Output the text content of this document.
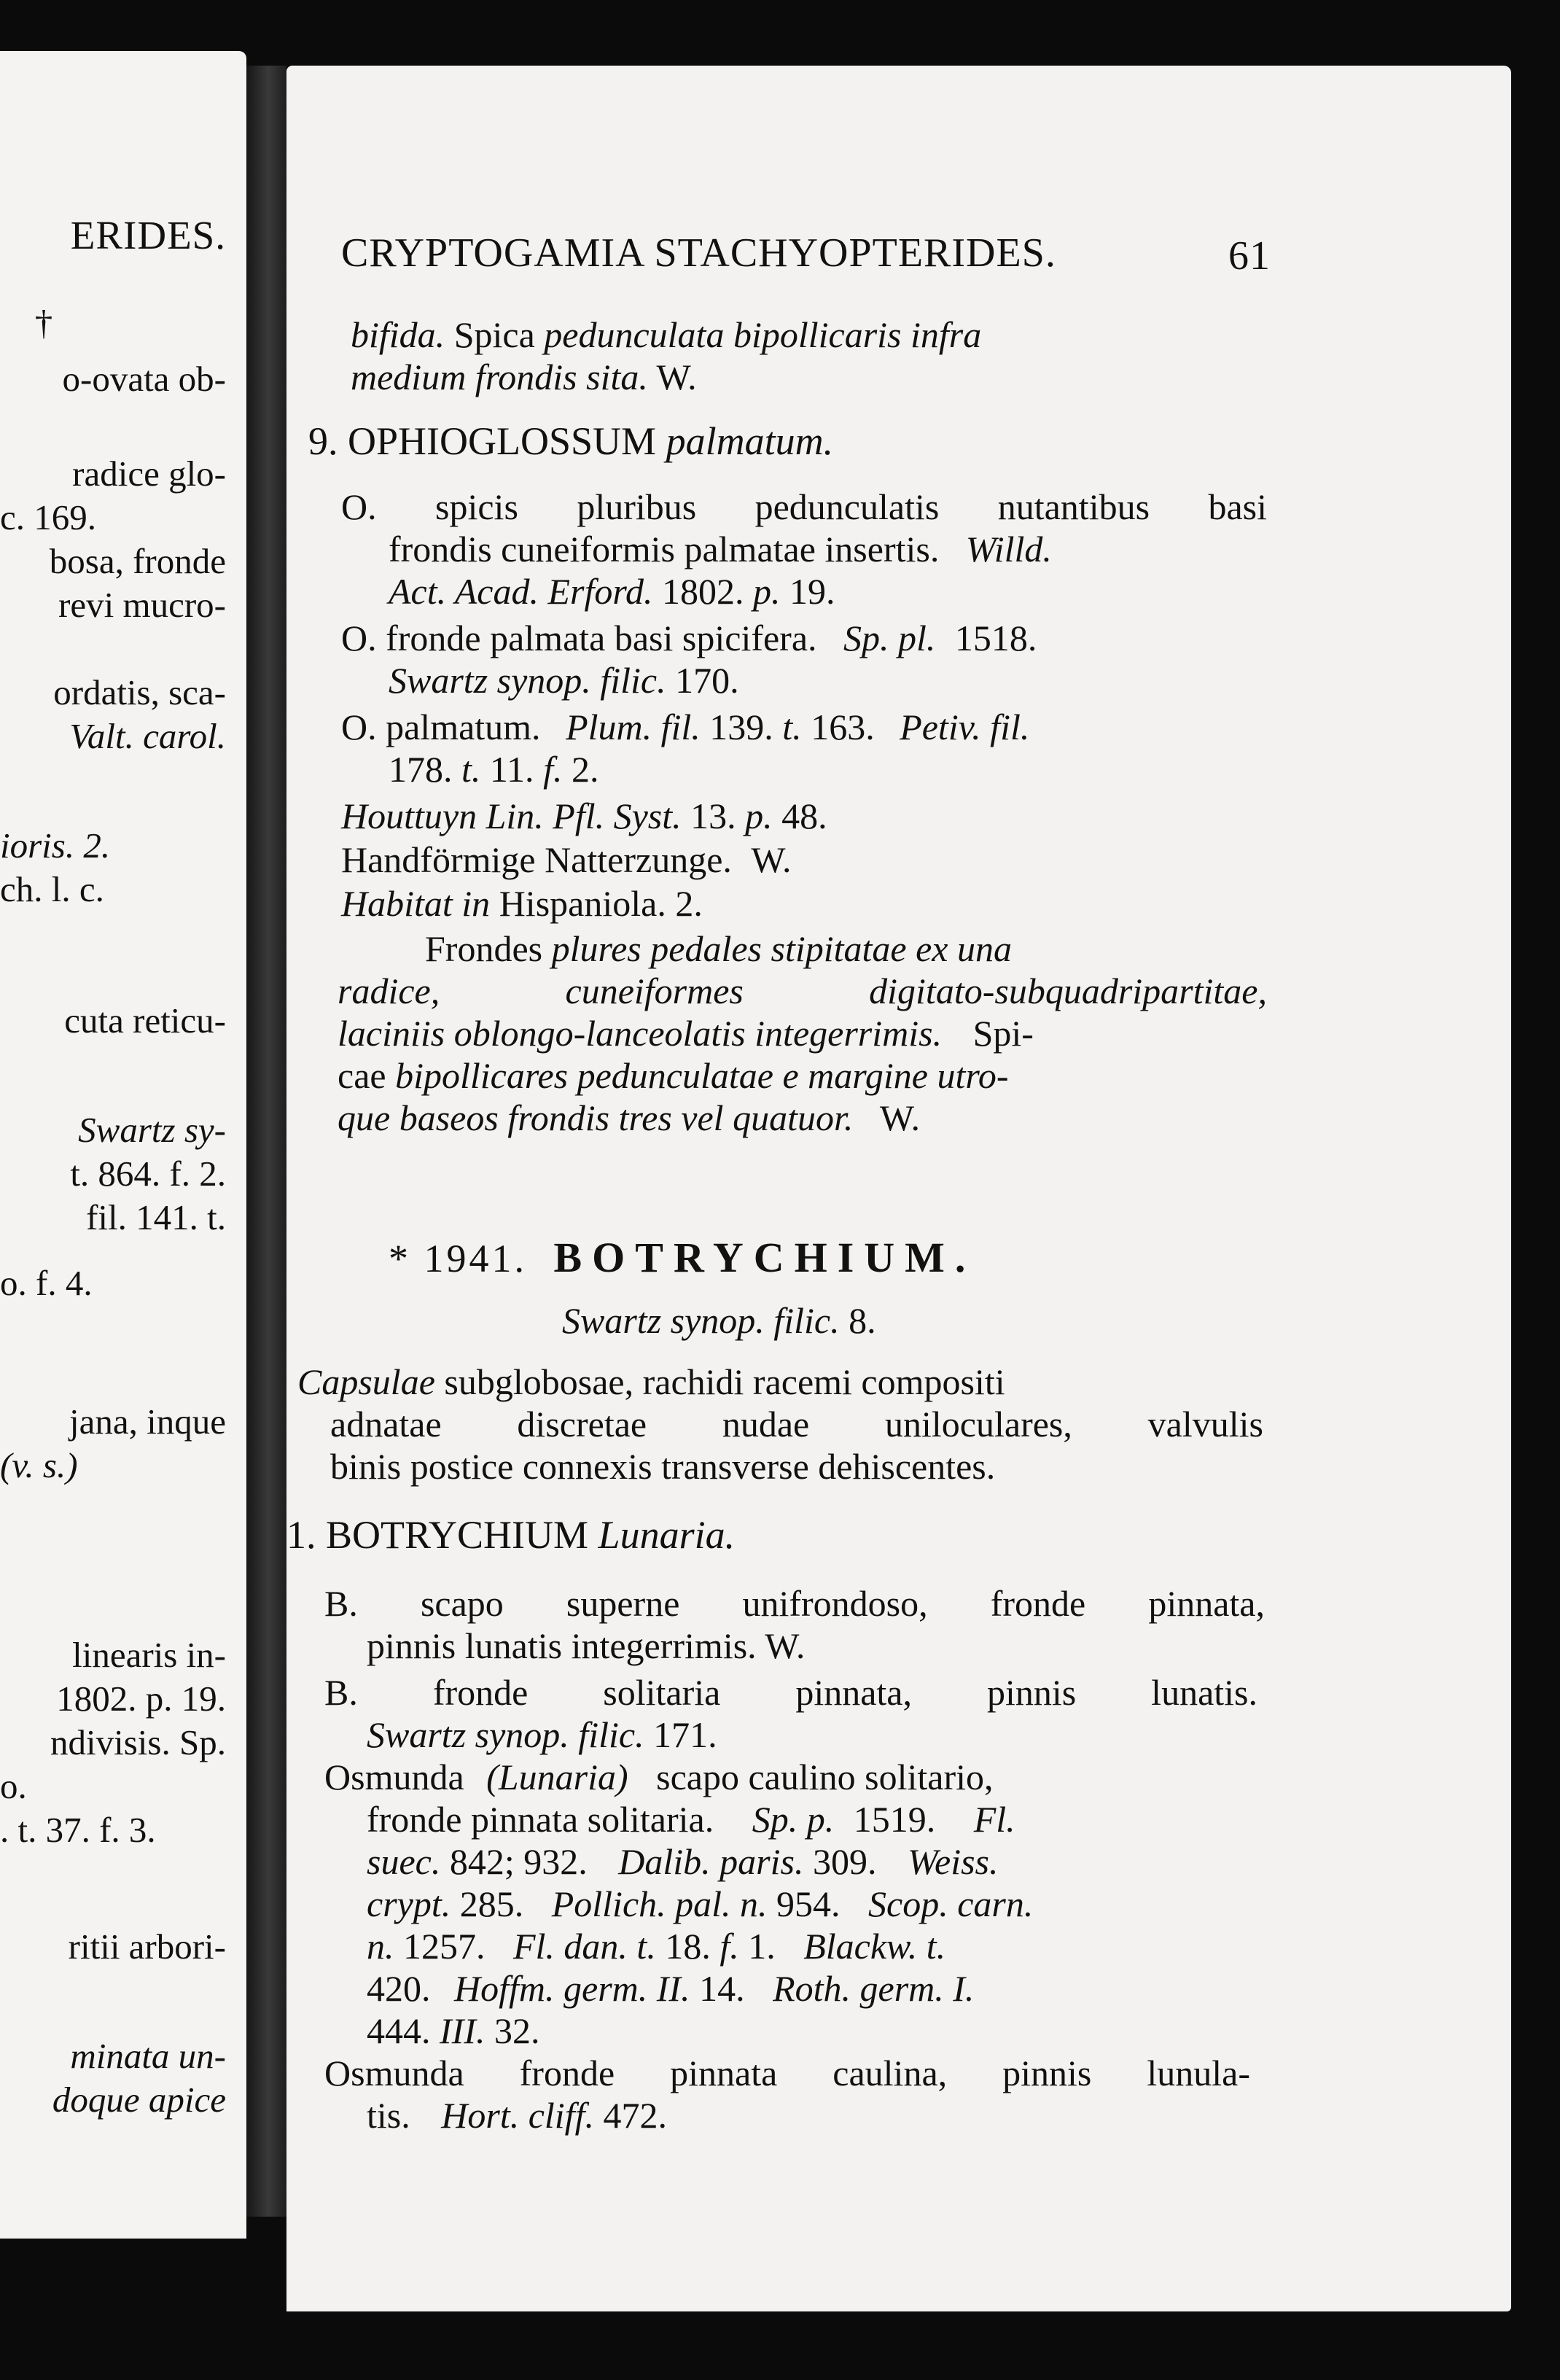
ERIDES.
†
o-ovata ob-
radice glo-
c. 169.
bosa, fronde
revi mucro-
ordatis, sca-
Valt. carol.
ioris. 2.
ch. l. c.
cuta reticu-
Swartz sy-
t. 864. f. 2.
fil. 141. t.
o. f. 4.
jana, inque
(v. s.)
linearis in-
1802. p. 19.
ndivisis. Sp.
o.
. t. 37. f. 3.
ritii arbori-
minata un-
doque apice
CRYPTOGAMIA STACHYOPTERIDES.	61
bifida. Spica pedunculata bipollicaris infra
medium frondis sita. W.
9. OPHIOGLOSSUM palmatum.
O. spicis pluribus pedunculatis nutantibus basi
frondis cuneiformis palmatae insertis. Willd.
Act. Acad. Erford. 1802. p. 19.
O. fronde palmata basi spicifera. Sp. pl. 1518.
Swartz synop. filic. 170.
O. palmatum. Plum. fil. 139. t. 163. Petiv. fil.
178. t. 11. f. 2.
Houttuyn Lin. Pfl. Syst. 13. p. 48.
Handförmige Natterzunge. W.
Habitat in Hispaniola. 2.
Frondes plures pedales stipitatae ex una
radice, cuneiformes digitato-subquadripartitae,
laciniis oblongo-lanceolatis integerrimis. Spi-
cae bipollicares pedunculatae e margine utro-
que baseos frondis tres vel quatuor. W.
* 1941. BOTRYCHIUM.
Swartz synop. filic. 8.
Capsulae subglobosae, rachidi racemi compositi
adnatae discretae nudae uniloculares, valvulis
binis postice connexis transverse dehiscentes.
1. BOTRYCHIUM Lunaria.
B. scapo superne unifrondoso, fronde pinnata,
pinnis lunatis integerrimis. W.
B. fronde solitaria pinnata, pinnis lunatis.
Swartz synop. filic. 171.
Osmunda (Lunaria) scapo caulino solitario,
fronde pinnata solitaria. Sp. p. 1519. Fl.
suec. 842; 932. Dalib. paris. 309. Weiss.
crypt. 285. Pollich. pal. n. 954. Scop. carn.
n. 1257. Fl. dan. t. 18. f. 1. Blackw. t.
420. Hoffm. germ. II. 14. Roth. germ. I.
444. III. 32.
Osmunda fronde pinnata caulina, pinnis lunula-
tis. Hort. cliff. 472.
